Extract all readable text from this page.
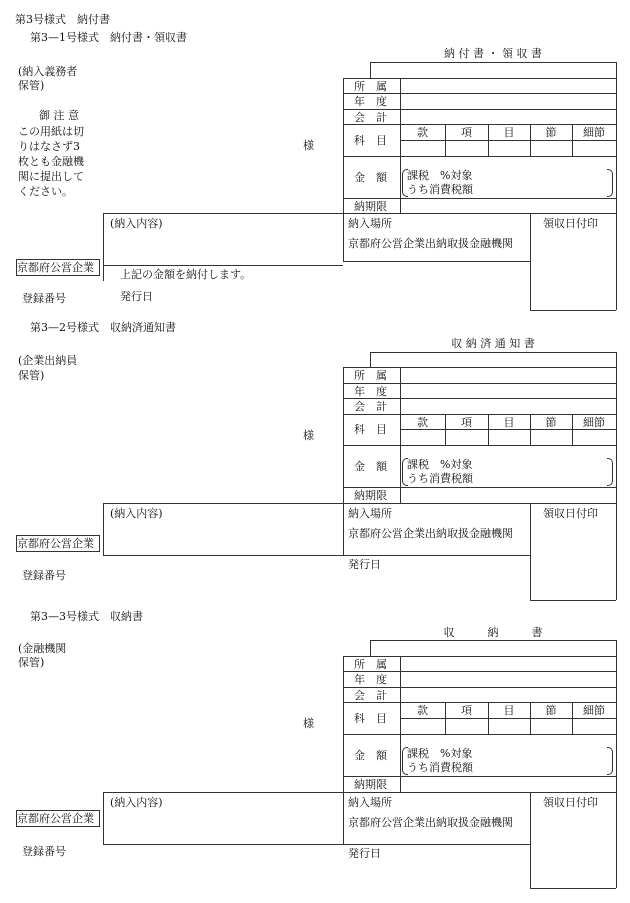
第3号様式　納付書
第3—1号様式　納付書・領収書
納 付 書 ・ 領 収 書
(納入義務者
保管)
御 注 意
この用紙は切
りはなさず3
枚とも金融機
関に提出して
ください。
様
所　属
年　度
会　計
科　目
款	項	目	節	細節
金　額 課税　%対象
うち消費税額
納期限
(納入内容)	納入場所
京都府公営企業出納取扱金融機関
領収日付印
京都府公営企業
上記の金額を納付します。
登録番号	発行日
第3—2号様式　収納済通知書
収 納 済 通 知 書
(企業出納員
保管)
様
所　属
年　度
会　計
科　目
款	項	目	節	細節
金　額 課税　%対象
うち消費税額
納期限
(納入内容)	納入場所
京都府公営企業出納取扱金融機関
領収日付印
京都府公営企業
発行日
登録番号
第3—3号様式　収納書
収　　　納　　　書
(金融機関
保管)
様
所　属
年　度
会　計
科　目
款	項	目	節	細節
金　額 課税　%対象
うち消費税額
納期限
(納入内容)	納入場所
京都府公営企業出納取扱金融機関
領収日付印
京都府公営企業
登録番号	発行日
